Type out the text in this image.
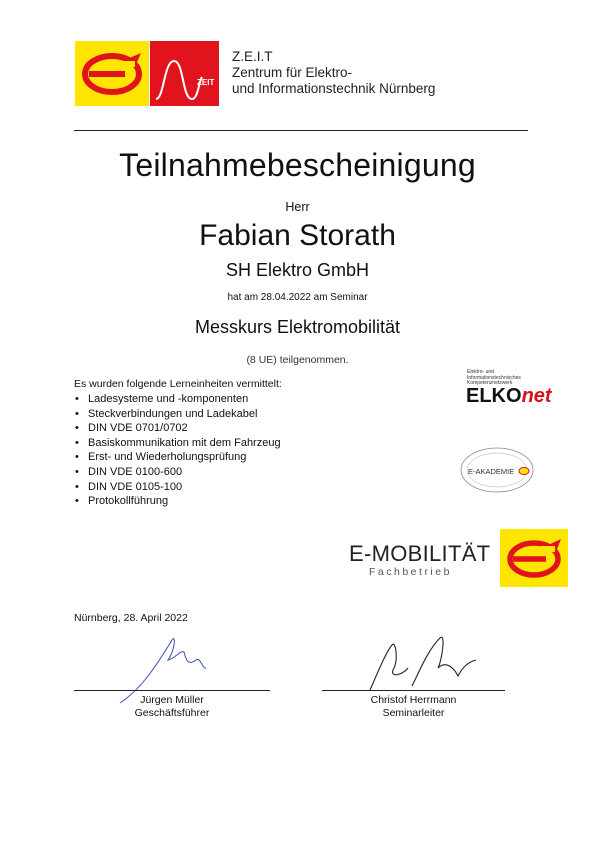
ZEIT
Z.E.I.T
Zentrum für Elektro-
und Informationstechnik Nürnberg
Teilnahmebescheinigung
Herr
Fabian Storath
SH Elektro GmbH
hat am 28.04.2022 am Seminar
Messkurs Elektromobilität
(8 UE) teilgenommen.
Es wurden folgende Lerneinheiten vermittelt:
• Ladesysteme und -komponenten
• Steckverbindungen und Ladekabel
• DIN VDE 0701/0702
• Basiskommunikation mit dem Fahrzeug
• Erst- und Wiederholungsprüfung
• DIN VDE 0100-600
• DIN VDE 0105-100
• Protokollführung
Elektro- und
Informationstechnisches
Kompetenznetzwerk
ELKOnet
E-AKADEMIE
E-MOBILITÄT
Fachbetrieb
Nürnberg, 28. April 2022
Jürgen Müller
Geschäftsführer
Christof Herrmann
Seminarleiter
